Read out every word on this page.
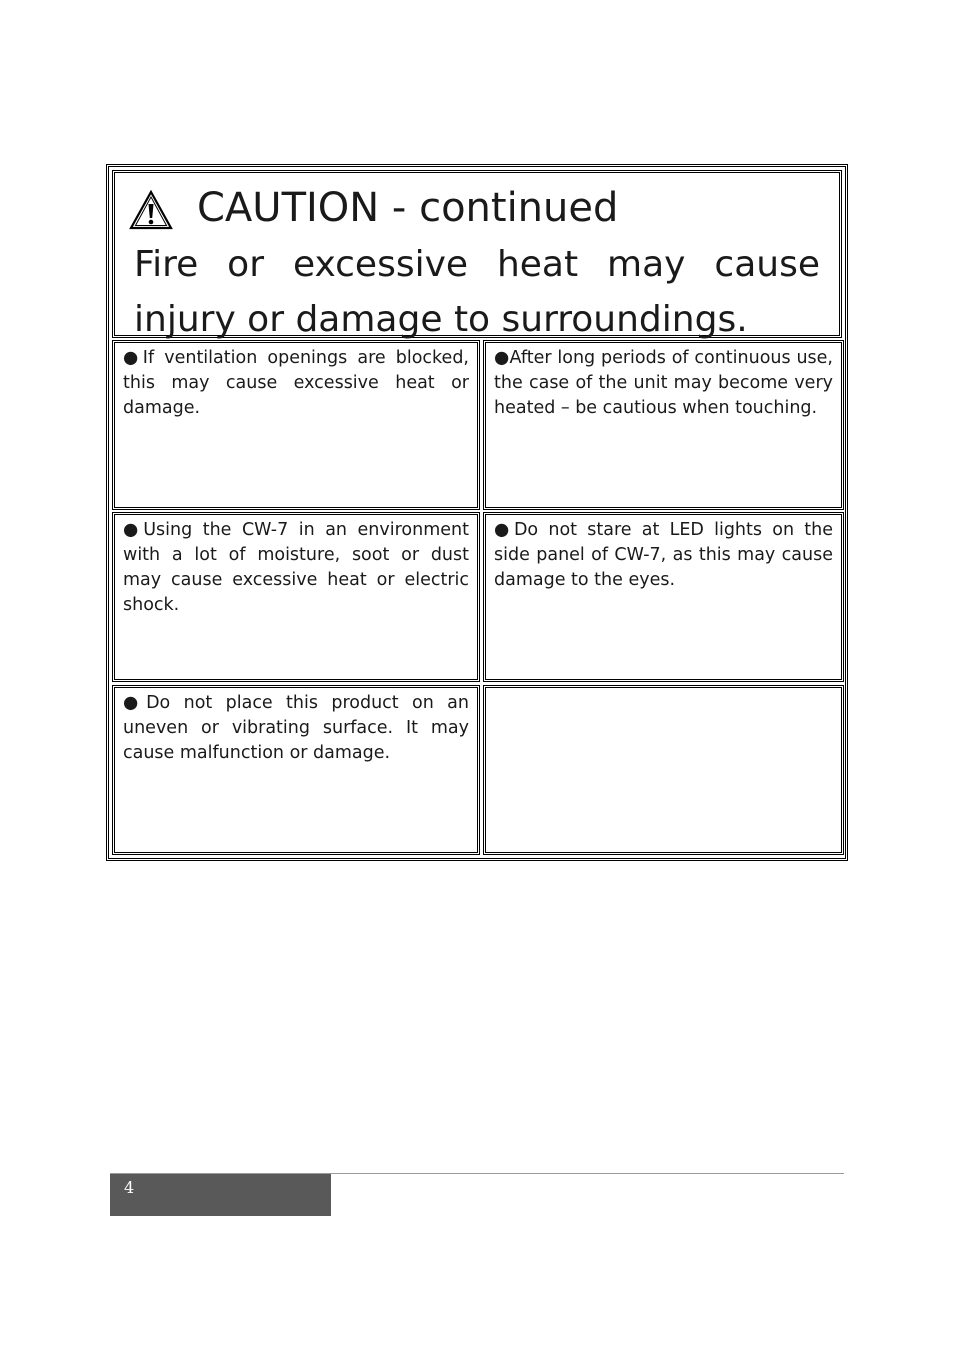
CAUTION - continued
Fire or excessive heat may cause injury or damage to surroundings.
●If ventilation openings are blocked, this may cause excessive heat or damage.
●After long periods of continuous use, the case of the unit may become very heated – be cautious when touching.
●Using the CW-7 in an environment with a lot of moisture, soot or dust may cause excessive heat or electric shock.
●Do not stare at LED lights on the side panel of CW-7, as this may cause damage to the eyes.
●Do not place this product on an uneven or vibrating surface. It may cause malfunction or damage.
4
